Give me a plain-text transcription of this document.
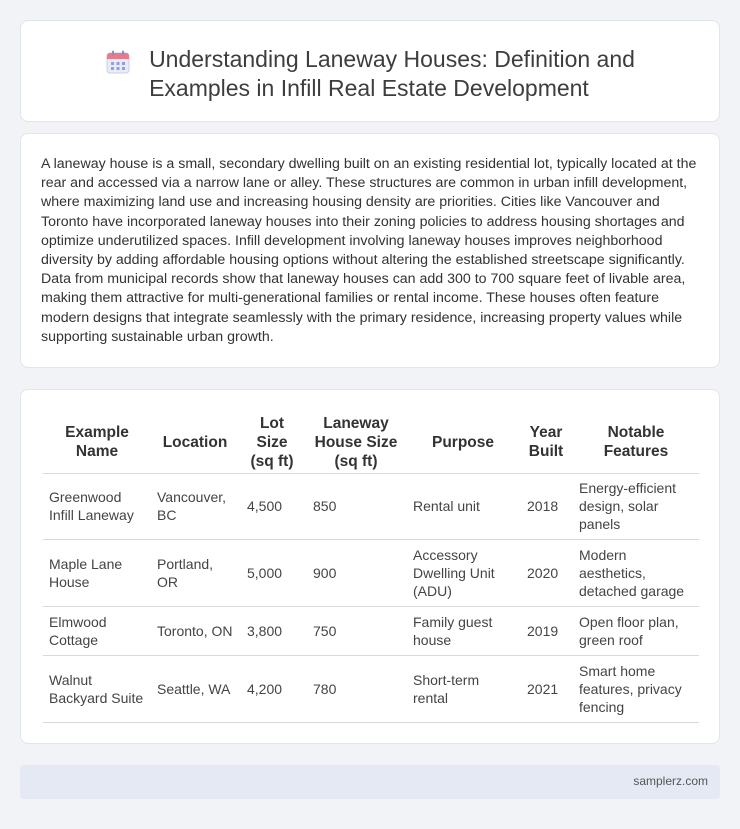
Understanding Laneway Houses: Definition and
Examples in Infill Real Estate Development

A laneway house is a small, secondary dwelling built on an existing residential lot, typically located at the rear and accessed via a narrow lane or alley. These structures are common in urban infill development, where maximizing land use and increasing housing density are priorities. Cities like Vancouver and Toronto have incorporated laneway houses into their zoning policies to address housing shortages and optimize underutilized spaces. Infill development involving laneway houses improves neighborhood diversity by adding affordable housing options without altering the established streetscape significantly. Data from municipal records show that laneway houses can add 300 to 700 square feet of livable area, making them attractive for multi-generational families or rental income. These houses often feature modern designs that integrate seamlessly with the primary residence, increasing property values while supporting sustainable urban growth.

Example Name	Location	Lot Size (sq ft)	Laneway House Size (sq ft)	Purpose	Year Built	Notable Features
Greenwood Infill Laneway	Vancouver, BC	4,500	850	Rental unit	2018	Energy-efficient design, solar panels
Maple Lane House	Portland, OR	5,000	900	Accessory Dwelling Unit (ADU)	2020	Modern aesthetics, detached garage
Elmwood Cottage	Toronto, ON	3,800	750	Family guest house	2019	Open floor plan, green roof
Walnut Backyard Suite	Seattle, WA	4,200	780	Short-term rental	2021	Smart home features, privacy fencing
samplerz.com
